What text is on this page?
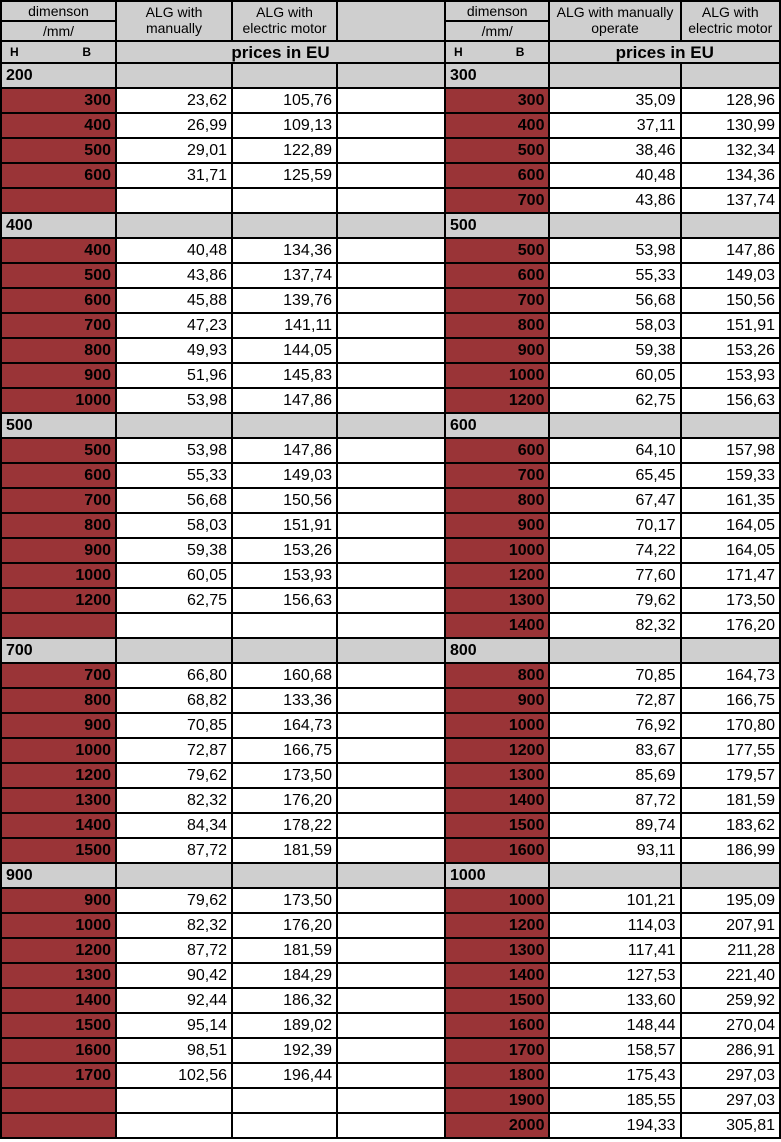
dimenson	ALG with manually	ALG with electric motor	
/mm/			

H B	prices in EU		
200			
300	23,62	105,76	
400	26,99	109,13	
500	29,01	122,89	
600	31,71	125,59	

400			
400	40,48	134,36	
500	43,86	137,74	
600	45,88	139,76	
700	47,23	141,11	
800	49,93	144,05	
900	51,96	145,83	
1000	53,98	147,86	
500			
500	53,98	147,86	
600	55,33	149,03	
700	56,68	150,56	
800	58,03	151,91	
900	59,38	153,26	
1000	60,05	153,93	
1200	62,75	156,63	

700			
700	66,80	160,68	
800	68,82	133,36	
900	70,85	164,73	
1000	72,87	166,75	
1200	79,62	173,50	
1300	82,32	176,20	
1400	84,34	178,22	
1500	87,72	181,59	
900			
900	79,62	173,50	
1000	82,32	176,20	
1200	87,72	181,59	
1300	90,42	184,29	
1400	92,44	186,32	
1500	95,14	189,02	
1600	98,51	192,39	
1700	102,56	196,44	

dimenson	ALG with manually operate	ALG with electric motor
/mm/		

H B	prices in EU	
300		
300	35,09	128,96
400	37,11	130,99
500	38,46	132,34
600	40,48	134,36
700	43,86	137,74
500		
500	53,98	147,86
600	55,33	149,03
700	56,68	150,56
800	58,03	151,91
900	59,38	153,26
1000	60,05	153,93
1200	62,75	156,63
600		
600	64,10	157,98
700	65,45	159,33
800	67,47	161,35
900	70,17	164,05
1000	74,22	164,05
1200	77,60	171,47
1300	79,62	173,50
1400	82,32	176,20
800		
800	70,85	164,73
900	72,87	166,75
1000	76,92	170,80
1200	83,67	177,55
1300	85,69	179,57
1400	87,72	181,59
1500	89,74	183,62
1600	93,11	186,99
1000		
1000	101,21	195,09
1200	114,03	207,91
1300	117,41	211,28
1400	127,53	221,40
1500	133,60	259,92
1600	148,44	270,04
1700	158,57	286,91
1800	175,43	297,03
1900	185,55	297,03
2000	194,33	305,81
